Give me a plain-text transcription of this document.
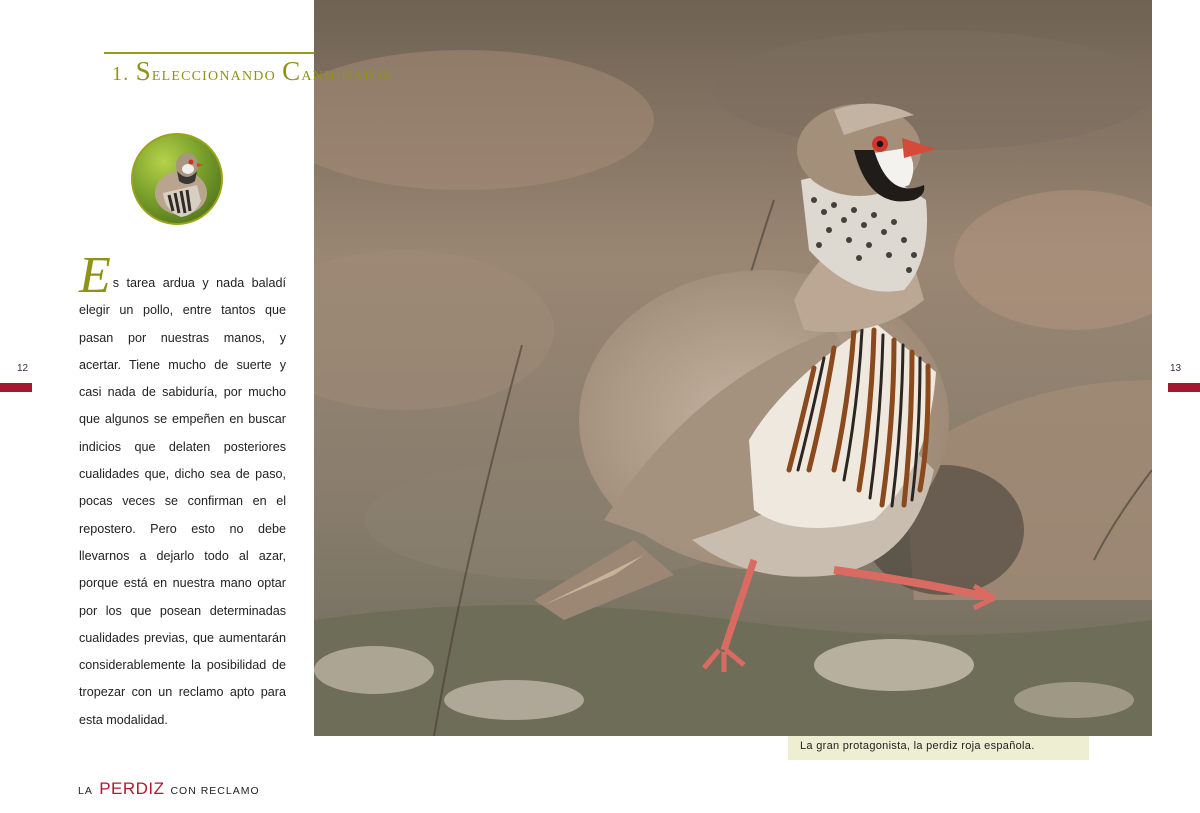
1. Seleccionando Candidatos
Es tarea ardua y nada baladí elegir un pollo, entre tantos que pasan por nuestras manos, y acertar. Tiene mucho de suerte y casi nada de sabiduría, por mucho que algunos se empeñen en buscar indicios que delaten posteriores cualidades que, dicho sea de paso, pocas veces se confirman en el repostero. Pero esto no debe llevarnos a dejarlo todo al azar, porque está en nuestra mano optar por los que posean determinadas cualidades previas, que aumentarán considerablemente la posibilidad de tropezar con un reclamo apto para esta modalidad.
12	13
La gran protagonista, la perdiz roja española.
LA PERDIZ CON RECLAMO
